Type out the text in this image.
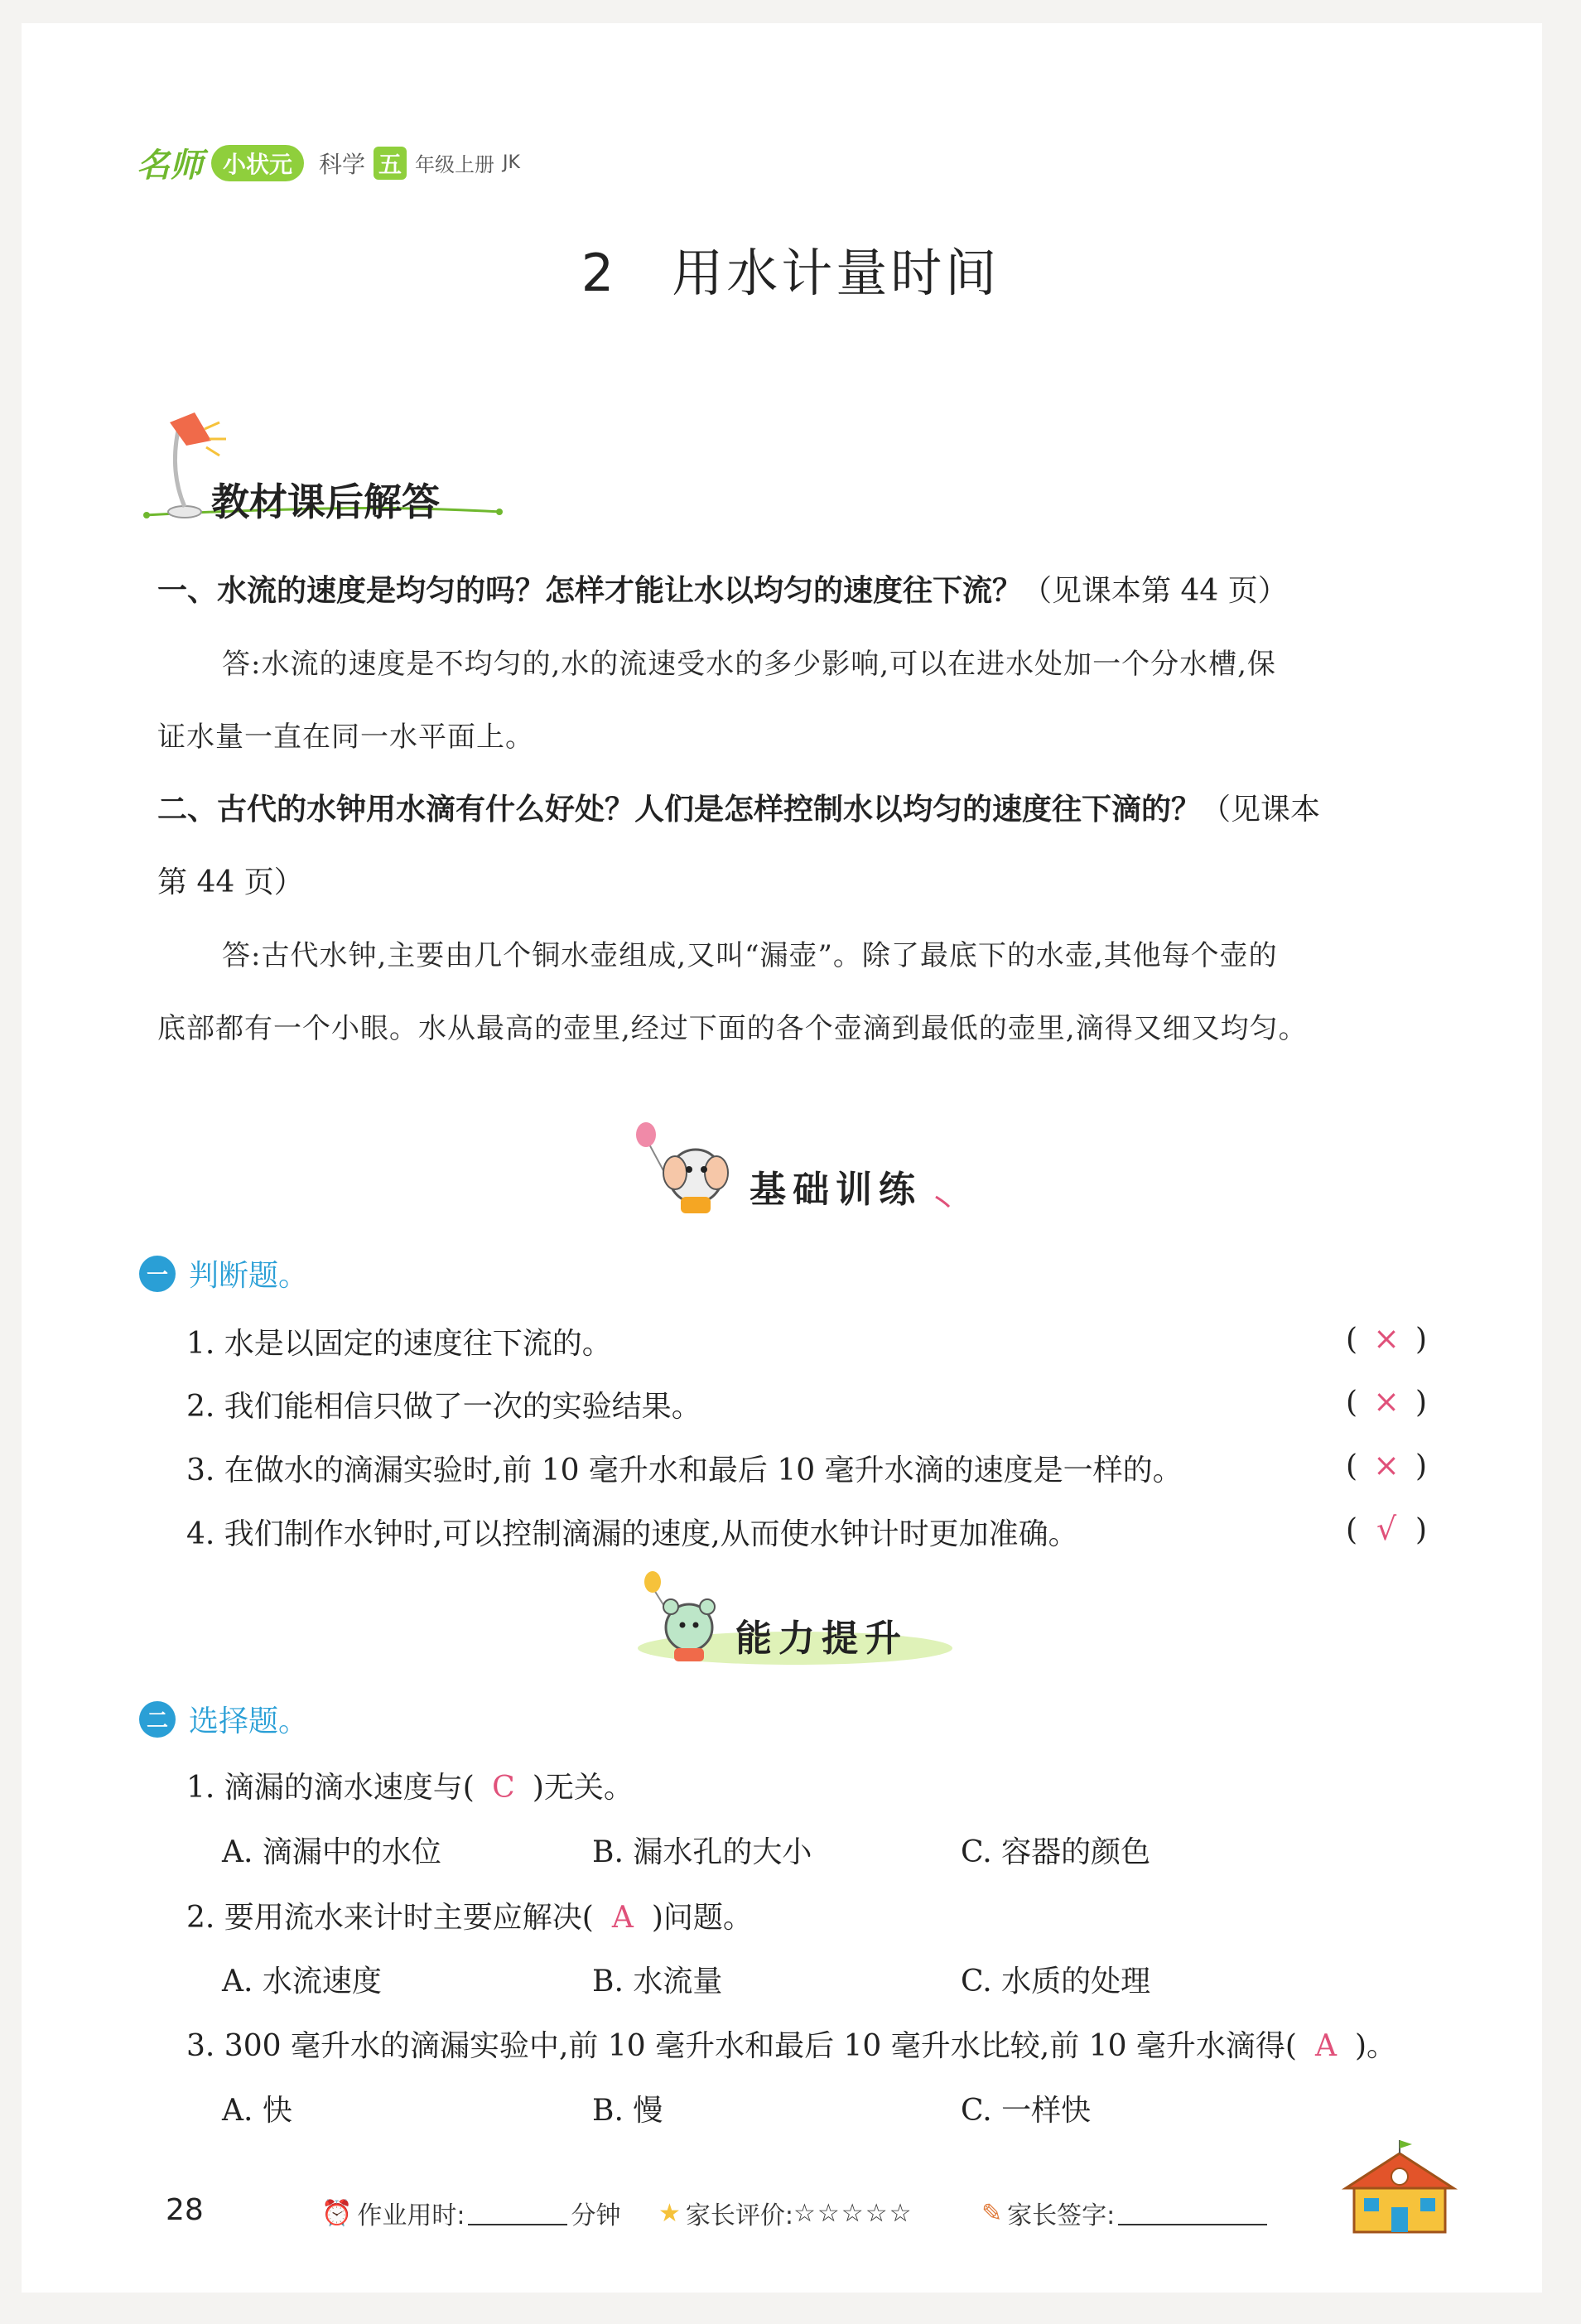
名师 小状元	科学 五 年级上册 JK
2　用水计量时间
教材课后解答
一、水流的速度是均匀的吗？怎样才能让水以均匀的速度往下流？（见课本第 44 页）
答:水流的速度是不均匀的,水的流速受水的多少影响,可以在进水处加一个分水槽,保
证水量一直在同一水平面上。
二、古代的水钟用水滴有什么好处？人们是怎样控制水以均匀的速度往下滴的？（见课本
第 44 页）
答:古代水钟,主要由几个铜水壶组成,又叫“漏壶”。除了最底下的水壶,其他每个壶的
底部都有一个小眼。水从最高的壶里,经过下面的各个壶滴到最低的壶里,滴得又细又均匀。
基础训练
一 判断题。
1. 水是以固定的速度往下流的。	( × )
2. 我们能相信只做了一次的实验结果。	( × )
3. 在做水的滴漏实验时,前 10 毫升水和最后 10 毫升水滴的速度是一样的。	( × )
4. 我们制作水钟时,可以控制滴漏的速度,从而使水钟计时更加准确。	( √ )
能力提升
二 选择题。
1. 滴漏的滴水速度与( C )无关。
A. 滴漏中的水位	B. 漏水孔的大小	C. 容器的颜色
2. 要用流水来计时主要应解决( A )问题。
A. 水流速度	B. 水流量	C. 水质的处理
3. 300 毫升水的滴漏实验中,前 10 毫升水和最后 10 毫升水比较,前 10 毫升水滴得( A )。
A. 快	B. 慢	C. 一样快
28	⏰ 作业用时:	分钟 ★ 家长评价: ☆☆☆☆☆	✎ 家长签字:
